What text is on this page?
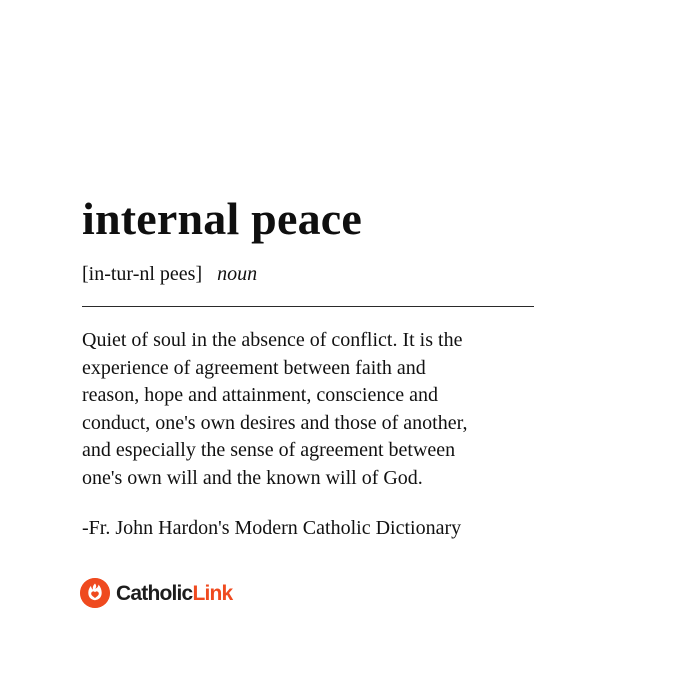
internal peace
[in-tur-nl pees] noun

Quiet of soul in the absence of conflict. It is the
experience of agreement between faith and
reason, hope and attainment, conscience and
conduct, one's own desires and those of another,
and especially the sense of agreement between
one's own will and the known will of God.

-Fr. John Hardon's Modern Catholic Dictionary

Catholic Link
